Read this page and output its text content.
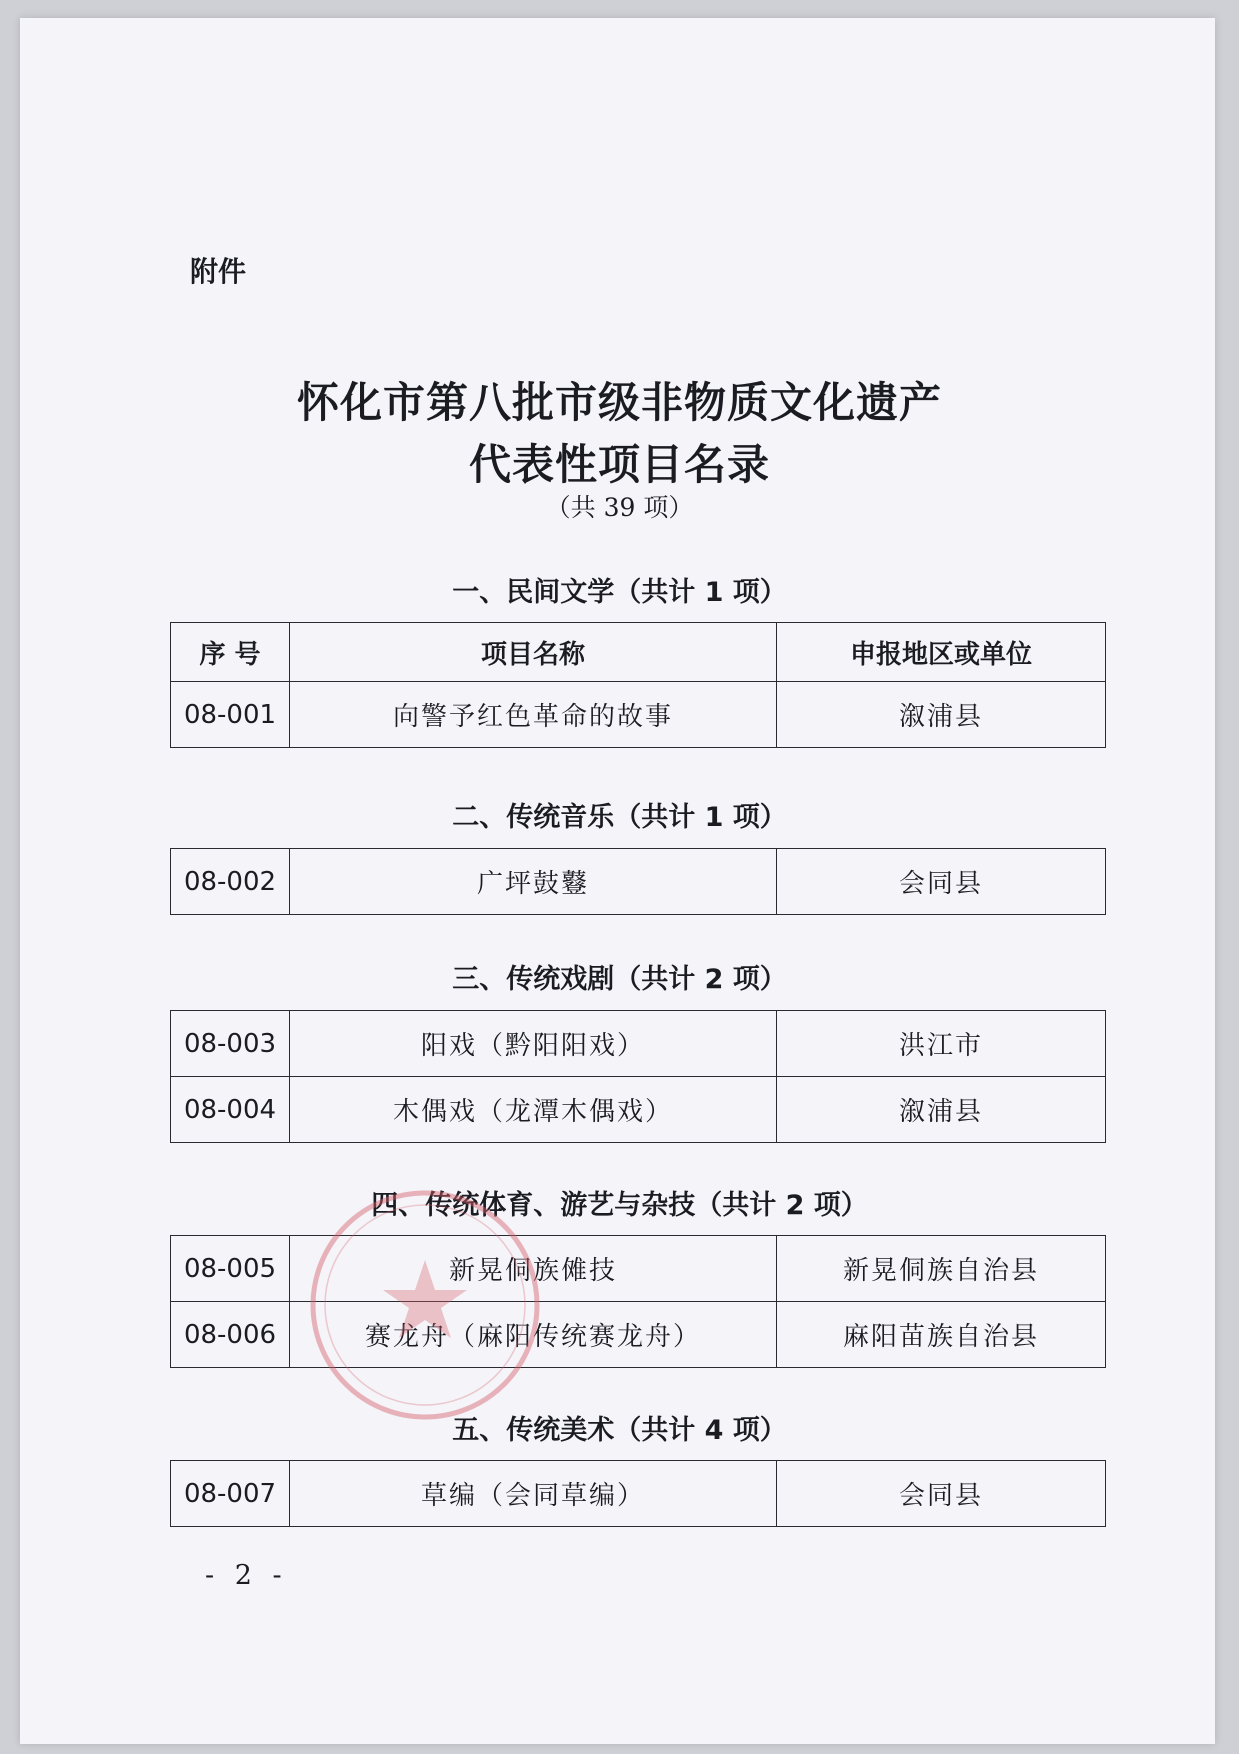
附件
怀化市第八批市级非物质文化遗产
代表性项目名录
（共 39 项）
一、民间文学（共计 1 项）
序 号	项目名称	申报地区或单位
08-001	向警予红色革命的故事	溆浦县
二、传统音乐（共计 1 项）
08-002	广坪鼓鼟	会同县
三、传统戏剧（共计 2 项）
08-003	阳戏（黔阳阳戏）	洪江市
08-004	木偶戏（龙潭木偶戏）	溆浦县
四、传统体育、游艺与杂技（共计 2 项）
08-005	新晃侗族傩技	新晃侗族自治县
08-006	赛龙舟（麻阳传统赛龙舟）	麻阳苗族自治县
五、传统美术（共计 4 项）
08-007	草编（会同草编）	会同县
- 2 -
